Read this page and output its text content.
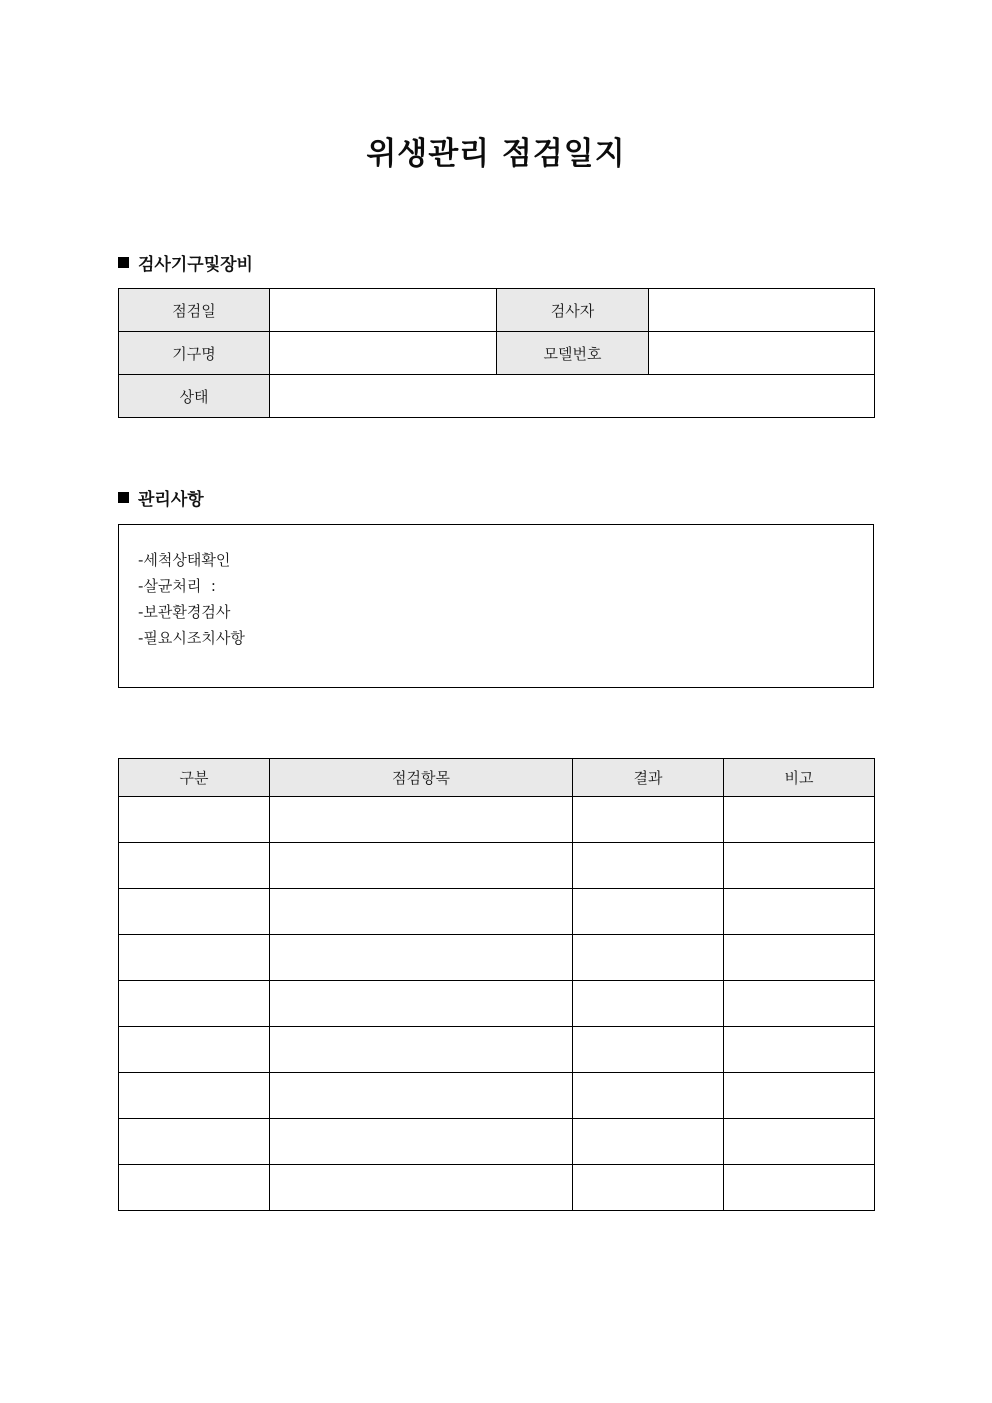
위생관리 점검일지
검사기구및장비
점검일		검사자	
기구명		모델번호	
상태			
관리사항
-세척상태확인
-살균처리  :
-보관환경검사
-필요시조치사항
구분	점검항목	결과	비고
